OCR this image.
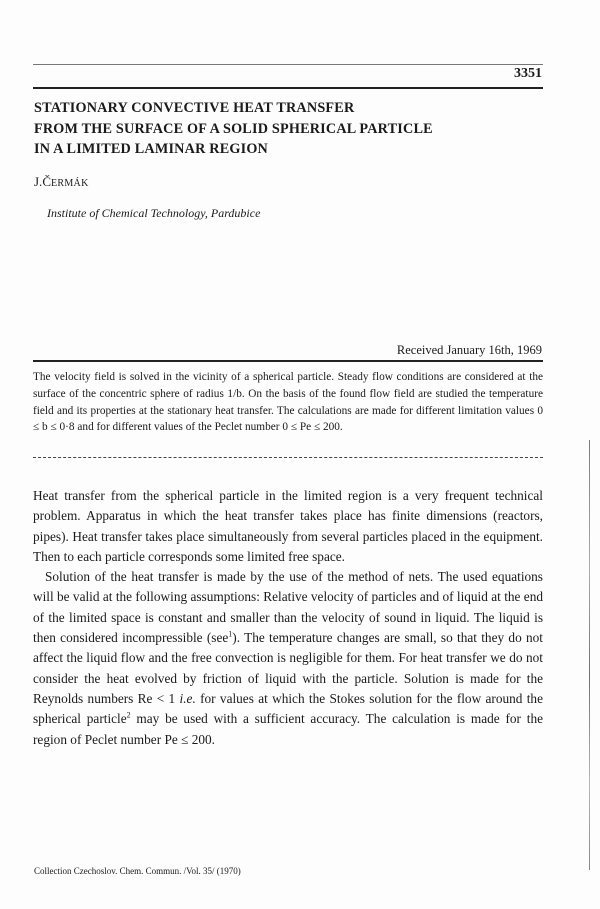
3351
STATIONARY CONVECTIVE HEAT TRANSFER
FROM THE SURFACE OF A SOLID SPHERICAL PARTICLE
IN A LIMITED LAMINAR REGION
J.ČERMÁK
Institute of Chemical Technology, Pardubice
Received January 16th, 1969
The velocity field is solved in the vicinity of a spherical particle. Steady flow conditions are considered at the surface of the concentric sphere of radius 1/b. On the basis of the found flow field are studied the temperature field and its properties at the stationary heat transfer. The calculations are made for different limitation values 0 ≤ b ≤ 0·8 and for different values of the Peclet number 0 ≤ Pe ≤ 200.

Heat transfer from the spherical particle in the limited region is a very frequent technical problem. Apparatus in which the heat transfer takes place has finite dimensions (reactors, pipes). Heat transfer takes place simultaneously from several particles placed in the equipment. Then to each particle corresponds some limited free space.

Solution of the heat transfer is made by the use of the method of nets. The used equations will be valid at the following assumptions: Relative velocity of particles and of liquid at the end of the limited space is constant and smaller than the velocity of sound in liquid. The liquid is then considered incompressible (see$^1$). The temperature changes are small, so that they do not affect the liquid flow and the free convection is negligible for them. For heat transfer we do not consider the heat evolved by friction of liquid with the particle. Solution is made for the Reynolds numbers Re < 1 i.e. for values at which the Stokes solution for the flow around the spherical particle$^2$ may be used with a sufficient accuracy. The calculation is made for the region of Peclet number Pe ≤ 200.

Collection Czechoslov. Chem. Commun. /Vol. 35/ (1970)
